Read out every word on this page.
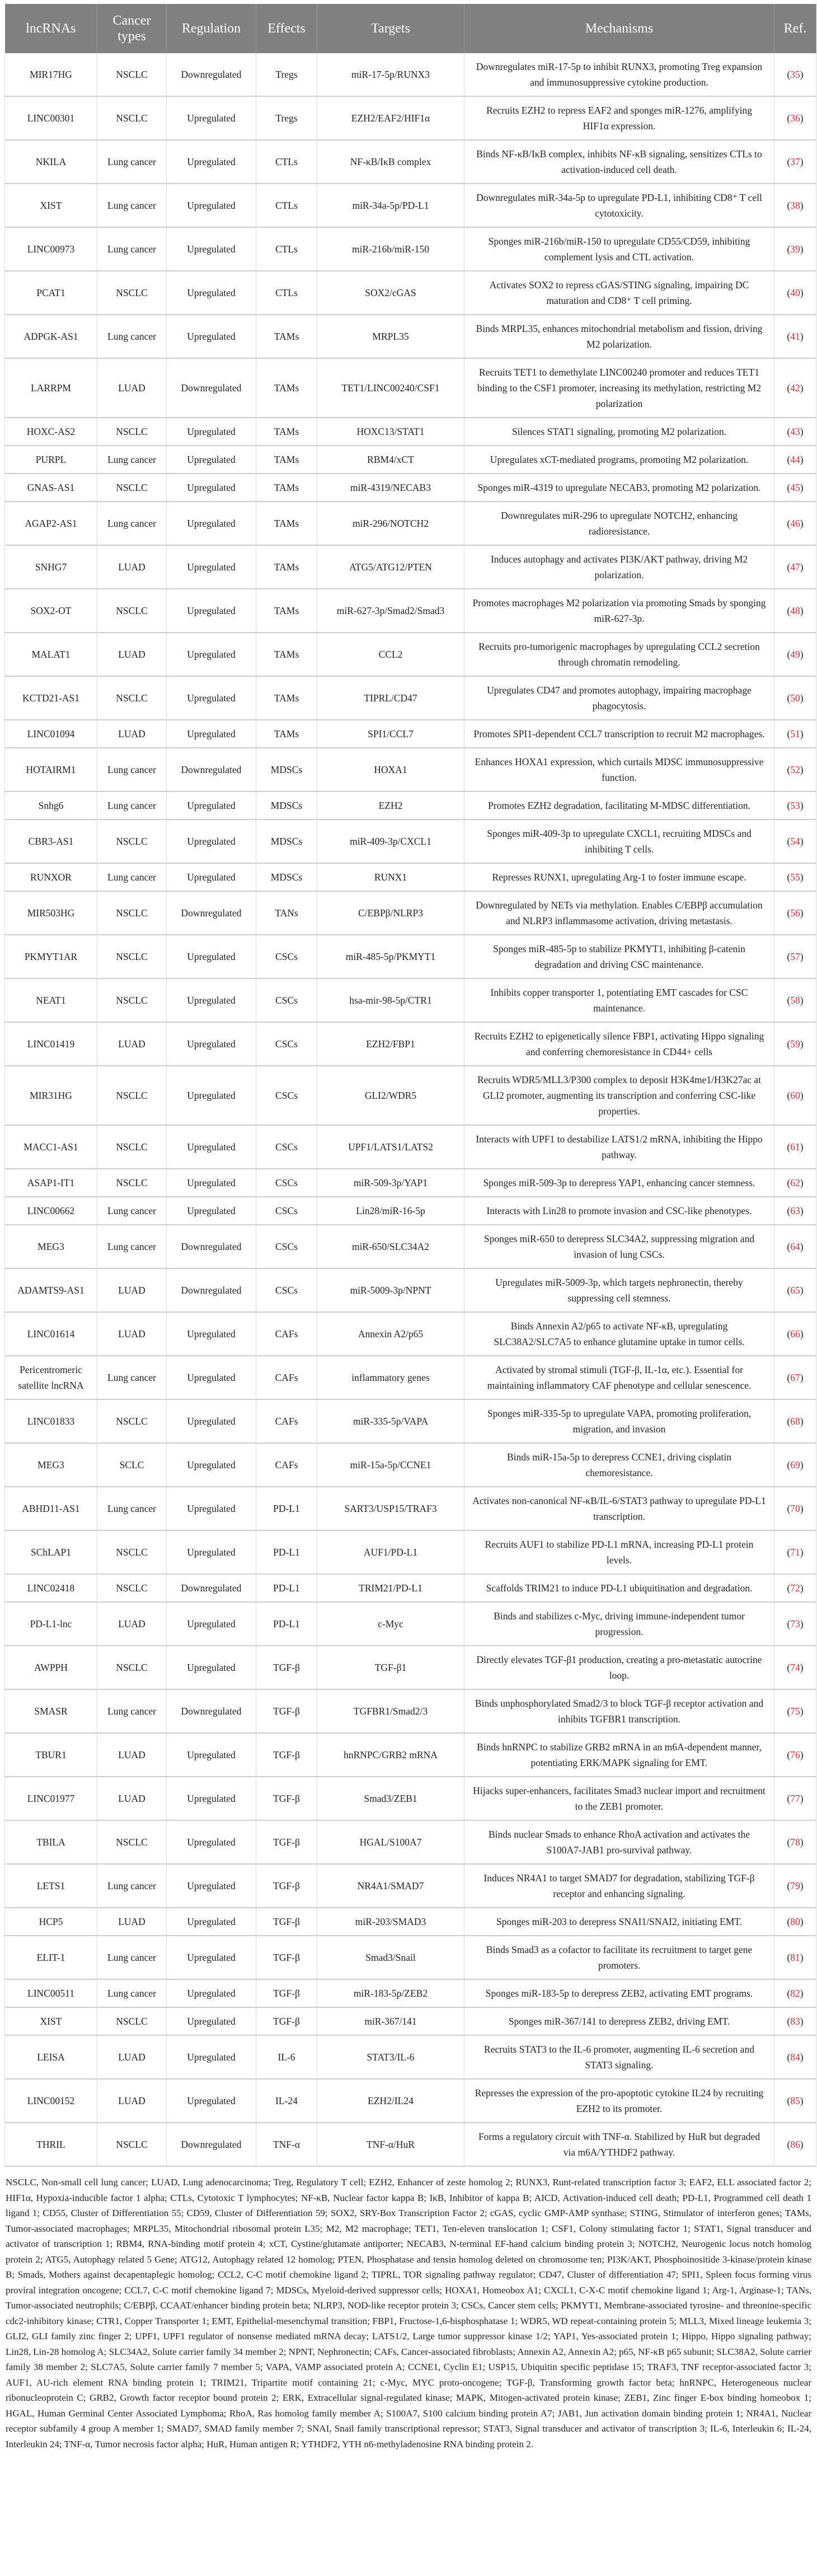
lncRNAs	Cancer types	Regulation	Effects	Targets	Mechanisms	Ref.
MIR17HG	NSCLC	Downregulated	Tregs	miR-17-5p/RUNX3	Downregulates miR-17-5p to inhibit RUNX3, promoting Treg expansion and immunosuppressive cytokine production.	(35)
LINC00301	NSCLC	Upregulated	Tregs	EZH2/EAF2/HIF1α	Recruits EZH2 to repress EAF2 and sponges miR-1276, amplifying HIF1α expression.	(36)
NKILA	Lung cancer	Upregulated	CTLs	NF-κB/IκB complex	Binds NF-κB/IκB complex, inhibits NF-κB signaling, sensitizes CTLs to activation-induced cell death.	(37)
XIST	Lung cancer	Upregulated	CTLs	miR-34a-5p/PD-L1	Downregulates miR-34a-5p to upregulate PD-L1, inhibiting CD8⁺ T cell cytotoxicity.	(38)
LINC00973	Lung cancer	Upregulated	CTLs	miR-216b/miR-150	Sponges miR-216b/miR-150 to upregulate CD55/CD59, inhibiting complement lysis and CTL activation.	(39)
PCAT1	NSCLC	Upregulated	CTLs	SOX2/cGAS	Activates SOX2 to repress cGAS/STING signaling, impairing DC maturation and CD8⁺ T cell priming.	(40)
ADPGK-AS1	Lung cancer	Upregulated	TAMs	MRPL35	Binds MRPL35, enhances mitochondrial metabolism and fission, driving M2 polarization.	(41)
LARRPM	LUAD	Downregulated	TAMs	TET1/LINC00240/CSF1	Recruits TET1 to demethylate LINC00240 promoter and reduces TET1 binding to the CSF1 promoter, increasing its methylation, restricting M2 polarization	(42)
HOXC-AS2	NSCLC	Upregulated	TAMs	HOXC13/STAT1	Silences STAT1 signaling, promoting M2 polarization.	(43)
PURPL	Lung cancer	Upregulated	TAMs	RBM4/xCT	Upregulates xCT-mediated programs, promoting M2 polarization.	(44)
GNAS-AS1	NSCLC	Upregulated	TAMs	miR-4319/NECAB3	Sponges miR-4319 to upregulate NECAB3, promoting M2 polarization.	(45)
AGAP2-AS1	Lung cancer	Upregulated	TAMs	miR-296/NOTCH2	Downregulates miR-296 to upregulate NOTCH2, enhancing radioresistance.	(46)
SNHG7	LUAD	Upregulated	TAMs	ATG5/ATG12/PTEN	Induces autophagy and activates PI3K/AKT pathway, driving M2 polarization.	(47)
SOX2-OT	NSCLC	Upregulated	TAMs	miR-627-3p/Smad2/Smad3	Promotes macrophages M2 polarization via promoting Smads by sponging miR-627-3p.	(48)
MALAT1	LUAD	Upregulated	TAMs	CCL2	Recruits pro-tumorigenic macrophages by upregulating CCL2 secretion through chromatin remodeling.	(49)
KCTD21-AS1	NSCLC	Upregulated	TAMs	TIPRL/CD47	Upregulates CD47 and promotes autophagy, impairing macrophage phagocytosis.	(50)
LINC01094	LUAD	Upregulated	TAMs	SPI1/CCL7	Promotes SPI1-dependent CCL7 transcription to recruit M2 macrophages.	(51)
HOTAIRM1	Lung cancer	Downregulated	MDSCs	HOXA1	Enhances HOXA1 expression, which curtails MDSC immunosuppressive function.	(52)
Snhg6	Lung cancer	Upregulated	MDSCs	EZH2	Promotes EZH2 degradation, facilitating M-MDSC differentiation.	(53)
CBR3-AS1	NSCLC	Upregulated	MDSCs	miR-409-3p/CXCL1	Sponges miR-409-3p to upregulate CXCL1, recruiting MDSCs and inhibiting T cells.	(54)
RUNXOR	Lung cancer	Upregulated	MDSCs	RUNX1	Represses RUNX1, upregulating Arg-1 to foster immune escape.	(55)
MIR503HG	NSCLC	Downregulated	TANs	C/EBPβ/NLRP3	Downregulated by NETs via methylation. Enables C/EBPβ accumulation and NLRP3 inflammasome activation, driving metastasis.	(56)
PKMYT1AR	NSCLC	Upregulated	CSCs	miR-485-5p/PKMYT1	Sponges miR-485-5p to stabilize PKMYT1, inhibiting β-catenin degradation and driving CSC maintenance.	(57)
NEAT1	NSCLC	Upregulated	CSCs	hsa-mir-98-5p/CTR1	Inhibits copper transporter 1, potentiating EMT cascades for CSC maintenance.	(58)
LINC01419	LUAD	Upregulated	CSCs	EZH2/FBP1	Recruits EZH2 to epigenetically silence FBP1, activating Hippo signaling and conferring chemoresistance in CD44+ cells	(59)
MIR31HG	NSCLC	Upregulated	CSCs	GLI2/WDR5	Recruits WDR5/MLL3/P300 complex to deposit H3K4me1/H3K27ac at GLI2 promoter, augmenting its transcription and conferring CSC-like properties.	(60)
MACC1-AS1	NSCLC	Upregulated	CSCs	UPF1/LATS1/LATS2	Interacts with UPF1 to destabilize LATS1/2 mRNA, inhibiting the Hippo pathway.	(61)
ASAP1-IT1	NSCLC	Upregulated	CSCs	miR-509-3p/YAP1	Sponges miR-509-3p to derepress YAP1, enhancing cancer stemness.	(62)
LINC00662	Lung cancer	Upregulated	CSCs	Lin28/miR-16-5p	Interacts with Lin28 to promote invasion and CSC-like phenotypes.	(63)
MEG3	Lung cancer	Downregulated	CSCs	miR-650/SLC34A2	Sponges miR-650 to derepress SLC34A2, suppressing migration and invasion of lung CSCs.	(64)
ADAMTS9-AS1	LUAD	Downregulated	CSCs	miR-5009-3p/NPNT	Upregulates miR-5009-3p, which targets nephronectin, thereby suppressing cell stemness.	(65)
LINC01614	LUAD	Upregulated	CAFs	Annexin A2/p65	Binds Annexin A2/p65 to activate NF-κB, upregulating SLC38A2/SLC7A5 to enhance glutamine uptake in tumor cells.	(66)
Pericentromeric satellite lncRNA	Lung cancer	Upregulated	CAFs	inflammatory genes	Activated by stromal stimuli (TGF-β, IL-1α, etc.). Essential for maintaining inflammatory CAF phenotype and cellular senescence.	(67)
LINC01833	NSCLC	Upregulated	CAFs	miR-335-5p/VAPA	Sponges miR-335-5p to upregulate VAPA, promoting proliferation, migration, and invasion	(68)
MEG3	SCLC	Upregulated	CAFs	miR-15a-5p/CCNE1	Binds miR-15a-5p to derepress CCNE1, driving cisplatin chemoresistance.	(69)
ABHD11-AS1	Lung cancer	Upregulated	PD-L1	SART3/USP15/TRAF3	Activates non-canonical NF-κB/IL-6/STAT3 pathway to upregulate PD-L1 transcription.	(70)
SChLAP1	NSCLC	Upregulated	PD-L1	AUF1/PD-L1	Recruits AUF1 to stabilize PD-L1 mRNA, increasing PD-L1 protein levels.	(71)
LINC02418	NSCLC	Downregulated	PD-L1	TRIM21/PD-L1	Scaffolds TRIM21 to induce PD-L1 ubiquitination and degradation.	(72)
PD-L1-lnc	LUAD	Upregulated	PD-L1	c-Myc	Binds and stabilizes c-Myc, driving immune-independent tumor progression.	(73)
AWPPH	NSCLC	Upregulated	TGF-β	TGF-β1	Directly elevates TGF-β1 production, creating a pro-metastatic autocrine loop.	(74)
SMASR	Lung cancer	Downregulated	TGF-β	TGFBR1/Smad2/3	Binds unphosphorylated Smad2/3 to block TGF-β receptor activation and inhibits TGFBR1 transcription.	(75)
TBUR1	LUAD	Upregulated	TGF-β	hnRNPC/GRB2 mRNA	Binds hnRNPC to stabilize GRB2 mRNA in an m6A-dependent manner, potentiating ERK/MAPK signaling for EMT.	(76)
LINC01977	LUAD	Upregulated	TGF-β	Smad3/ZEB1	Hijacks super-enhancers, facilitates Smad3 nuclear import and recruitment to the ZEB1 promoter.	(77)
TBILA	NSCLC	Upregulated	TGF-β	HGAL/S100A7	Binds nuclear Smads to enhance RhoA activation and activates the S100A7-JAB1 pro-survival pathway.	(78)
LETS1	Lung cancer	Upregulated	TGF-β	NR4A1/SMAD7	Induces NR4A1 to target SMAD7 for degradation, stabilizing TGF-β receptor and enhancing signaling.	(79)
HCP5	LUAD	Upregulated	TGF-β	miR-203/SMAD3	Sponges miR-203 to derepress SNAI1/SNAI2, initiating EMT.	(80)
ELIT-1	Lung cancer	Upregulated	TGF-β	Smad3/Snail	Binds Smad3 as a cofactor to facilitate its recruitment to target gene promoters.	(81)
LINC00511	Lung cancer	Upregulated	TGF-β	miR-183-5p/ZEB2	Sponges miR-183-5p to derepress ZEB2, activating EMT programs.	(82)
XIST	NSCLC	Upregulated	TGF-β	miR-367/141	Sponges miR-367/141 to derepress ZEB2, driving EMT.	(83)
LEISA	LUAD	Upregulated	IL-6	STAT3/IL-6	Recruits STAT3 to the IL-6 promoter, augmenting IL-6 secretion and STAT3 signaling.	(84)
LINC00152	LUAD	Upregulated	IL-24	EZH2/IL24	Represses the expression of the pro-apoptotic cytokine IL24 by recruiting EZH2 to its promoter.	(85)
THRIL	NSCLC	Downregulated	TNF-α	TNF-α/HuR	Forms a regulatory circuit with TNF-α. Stabilized by HuR but degraded via m6A/YTHDF2 pathway.	(86)
NSCLC, Non-small cell lung cancer; LUAD, Lung adenocarcinoma; Treg, Regulatory T cell; EZH2, Enhancer of zeste homolog 2; RUNX3, Runt-related transcription factor 3; EAF2, ELL associated factor 2; HIF1α, Hypoxia-inducible factor 1 alpha; CTLs, Cytotoxic T lymphocytes; NF-κB, Nuclear factor kappa B; IκB, Inhibitor of kappa B; AICD, Activation-induced cell death; PD-L1, Programmed cell death 1 ligand 1; CD55, Cluster of Differentiation 55; CD59, Cluster of Differentiation 59; SOX2, SRY-Box Transcription Factor 2; cGAS, cyclic GMP-AMP synthase; STING, Stimulator of interferon genes; TAMs, Tumor-associated macrophages; MRPL35, Mitochondrial ribosomal protein L35; M2, M2 macrophage; TET1, Ten-eleven translocation 1; CSF1, Colony stimulating factor 1; STAT1, Signal transducer and activator of transcription 1; RBM4, RNA-binding motif protein 4; xCT, Cystine/glutamate antiporter; NECAB3, N-terminal EF-hand calcium binding protein 3; NOTCH2, Neurogenic locus notch homolog protein 2; ATG5, Autophagy related 5 Gene; ATG12, Autophagy related 12 homolog; PTEN, Phosphatase and tensin homolog deleted on chromosome ten; PI3K/AKT, Phosphoinositide 3-kinase/protein kinase B; Smads, Mothers against decapentaplegic homolog; CCL2, C-C motif chemokine ligand 2; TIPRL, TOR signaling pathway regulator; CD47, Cluster of differentiation 47; SPI1, Spleen focus forming virus proviral integration oncogene; CCL7, C-C motif chemokine ligand 7; MDSCs, Myeloid-derived suppressor cells; HOXA1, Homeobox A1; CXCL1, C-X-C motif chemokine ligand 1; Arg-1, Arginase-1; TANs, Tumor-associated neutrophils; C/EBPβ, CCAAT/enhancer binding protein beta; NLRP3, NOD-like receptor protein 3; CSCs, Cancer stem cells; PKMYT1, Membrane-associated tyrosine- and threonine-specific cdc2-inhibitory kinase; CTR1, Copper Transporter 1; EMT, Epithelial-mesenchymal transition; FBP1, Fructose-1,6-bisphosphatase 1; WDR5, WD repeat-containing protein 5; MLL3, Mixed lineage leukemia 3; GLI2, GLI family zinc finger 2; UPF1, UPF1 regulator of nonsense mediated mRNA decay; LATS1/2, Large tumor suppressor kinase 1/2; YAP1, Yes-associated protein 1; Hippo, Hippo signaling pathway; Lin28, Lin-28 homolog A; SLC34A2, Solute carrier family 34 member 2; NPNT, Nephronectin; CAFs, Cancer-associated fibroblasts; Annexin A2, Annexin A2; p65, NF-κB p65 subunit; SLC38A2, Solute carrier family 38 member 2; SLC7A5, Solute carrier family 7 member 5; VAPA, VAMP associated protein A; CCNE1, Cyclin E1; USP15, Ubiquitin specific peptidase 15; TRAF3, TNF receptor-associated factor 3; AUF1, AU-rich element RNA binding protein 1; TRIM21, Tripartite motif containing 21; c-Myc, MYC proto-oncogene; TGF-β, Transforming growth factor beta; hnRNPC, Heterogeneous nuclear ribonucleoprotein C; GRB2, Growth factor receptor bound protein 2; ERK, Extracellular signal-regulated kinase; MAPK, Mitogen-activated protein kinase; ZEB1, Zinc finger E-box binding homeobox 1; HGAL, Human Germinal Center Associated Lymphoma; RhoA, Ras homolog family member A; S100A7, S100 calcium binding protein A7; JAB1, Jun activation domain binding protein 1; NR4A1, Nuclear receptor subfamily 4 group A member 1; SMAD7, SMAD family member 7; SNAI, Snail family transcriptional repressor; STAT3, Signal transducer and activator of transcription 3; IL-6, Interleukin 6; IL-24, Interleukin 24; TNF-α, Tumor necrosis factor alpha; HuR, Human antigen R; YTHDF2, YTH n6-methyladenosine RNA binding protein 2.
